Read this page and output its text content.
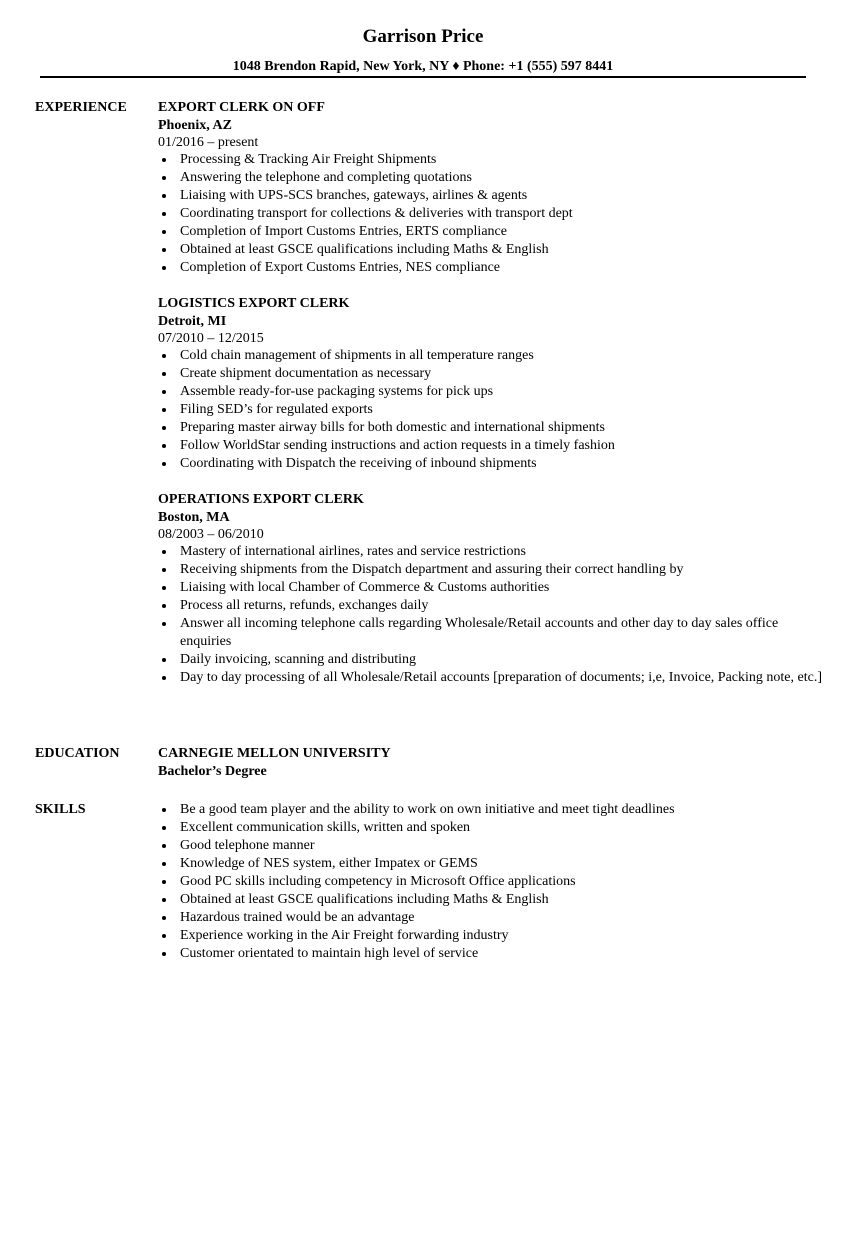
Garrison Price
1048 Brendon Rapid, New York, NY ♦ Phone: +1 (555) 597 8441
EXPERIENCE EXPORT CLERK ON OFF
Phoenix, AZ
01/2016 – present
Processing & Tracking Air Freight Shipments
Answering the telephone and completing quotations
Liaising with UPS-SCS branches, gateways, airlines & agents
Coordinating transport for collections & deliveries with transport dept
Completion of Import Customs Entries, ERTS compliance
Obtained at least GSCE qualifications including Maths & English
Completion of Export Customs Entries, NES compliance
LOGISTICS EXPORT CLERK
Detroit, MI
07/2010 – 12/2015
Cold chain management of shipments in all temperature ranges
Create shipment documentation as necessary
Assemble ready-for-use packaging systems for pick ups
Filing SED’s for regulated exports
Preparing master airway bills for both domestic and international shipments
Follow WorldStar sending instructions and action requests in a timely fashion
Coordinating with Dispatch the receiving of inbound shipments
OPERATIONS EXPORT CLERK
Boston, MA
08/2003 – 06/2010
Mastery of international airlines, rates and service restrictions
Receiving shipments from the Dispatch department and assuring their correct handling by
Liaising with local Chamber of Commerce & Customs authorities
Process all returns, refunds, exchanges daily
Answer all incoming telephone calls regarding Wholesale/Retail accounts and other day to day sales office enquiries
Daily invoicing, scanning and distributing
Day to day processing of all Wholesale/Retail accounts [preparation of documents; i,e, Invoice, Packing note, etc.]
EDUCATION	CARNEGIE MELLON UNIVERSITY
Bachelor’s Degree
SKILLS	Be a good team player and the ability to work on own initiative and meet tight deadlines
Excellent communication skills, written and spoken
Good telephone manner
Knowledge of NES system, either Impatex or GEMS
Good PC skills including competency in Microsoft Office applications
Obtained at least GSCE qualifications including Maths & English
Hazardous trained would be an advantage
Experience working in the Air Freight forwarding industry
Customer orientated to maintain high level of service
